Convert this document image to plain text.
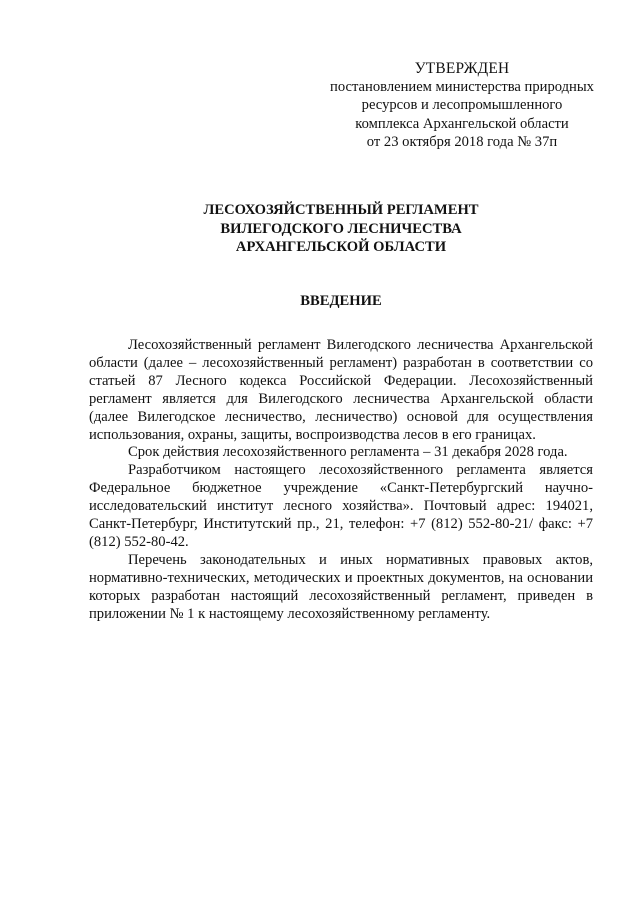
УТВЕРЖДЕН
постановлением министерства природных
ресурсов и лесопромышленного
комплекса Архангельской области
от 23 октября 2018 года № 37п
ЛЕСОХОЗЯЙСТВЕННЫЙ РЕГЛАМЕНТ
ВИЛЕГОДСКОГО ЛЕСНИЧЕСТВА
АРХАНГЕЛЬСКОЙ ОБЛАСТИ
ВВЕДЕНИЕ

Лесохозяйственный регламент Вилегодского лесничества Архангельской области (далее – лесохозяйственный регламент) разработан в соответствии со статьей 87 Лесного кодекса Российской Федерации. Лесохозяйственный регламент является для Вилегодского лесничества Архангельской области (далее Вилегодское лесничество, лесничество) основой для осуществления использования, охраны, защиты, воспроизводства лесов в его границах.

Срок действия лесохозяйственного регламента – 31 декабря 2028 года.

Разработчиком настоящего лесохозяйственного регламента является Федеральное бюджетное учреждение «Санкт-Петербургский научно-исследовательский институт лесного хозяйства». Почтовый адрес: 194021, Санкт-Петербург, Институтский пр., 21, телефон: +7 (812) 552-80-21/ факс: +7 (812) 552-80-42.

Перечень законодательных и иных нормативных правовых актов, нормативно-технических, методических и проектных документов, на основании которых разработан настоящий лесохозяйственный регламент, приведен в приложении № 1 к настоящему лесохозяйственному регламенту.
